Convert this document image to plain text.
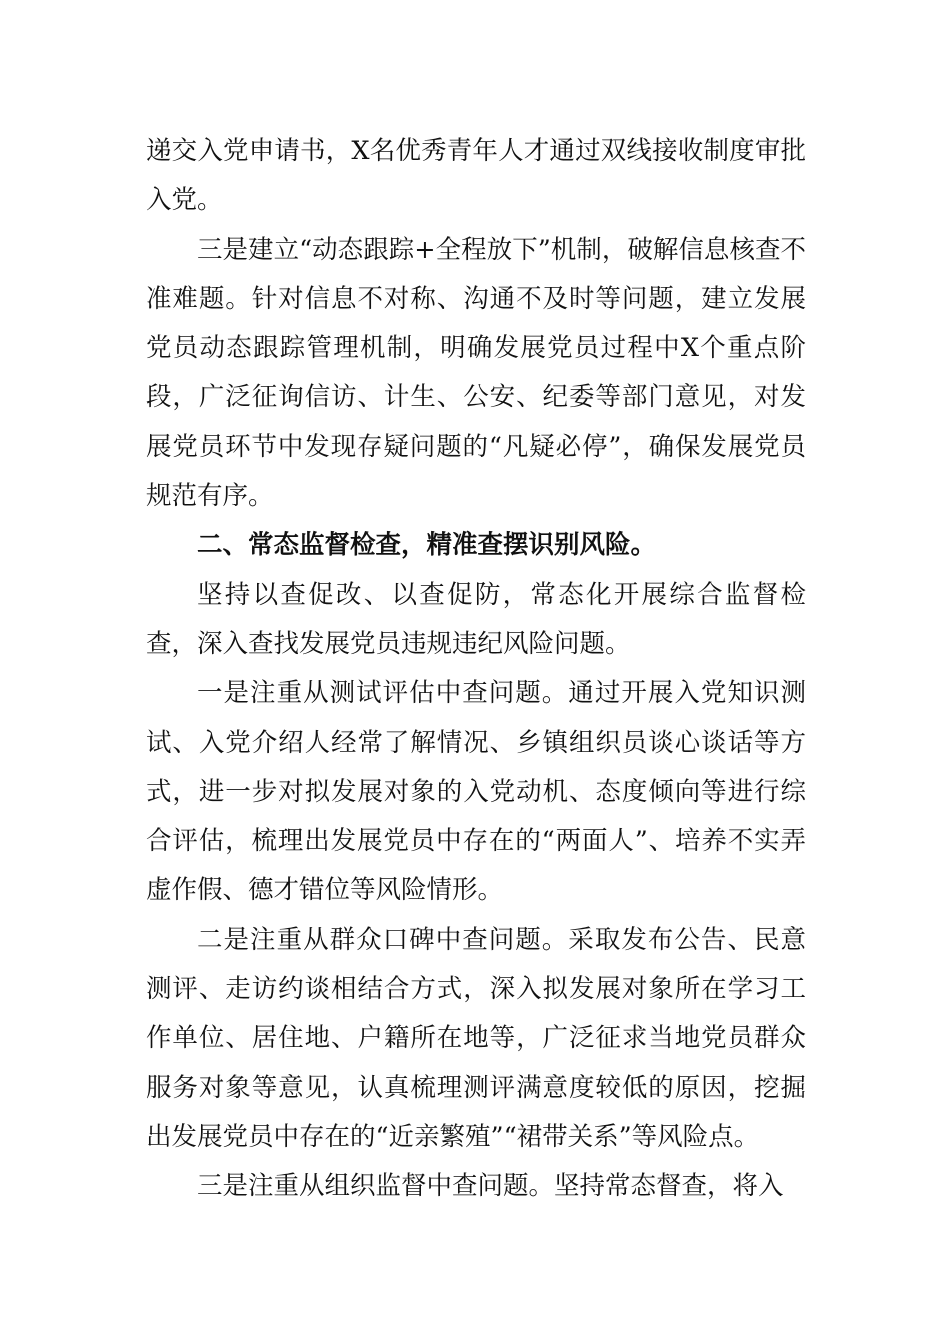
递交入党申请书，X名优秀青年人才通过双线接收制度审批入党。

三是建立“动态跟踪+全程放下”机制，破解信息核查不准难题。针对信息不对称、沟通不及时等问题，建立发展党员动态跟踪管理机制，明确发展党员过程中X个重点阶段，广泛征询信访、计生、公安、纪委等部门意见，对发展党员环节中发现存疑问题的“凡疑必停”，确保发展党员规范有序。

二、常态监督检查，精准查摆识别风险。

坚持以查促改、以查促防，常态化开展综合监督检查，深入查找发展党员违规违纪风险问题。

一是注重从测试评估中查问题。通过开展入党知识测试、入党介绍人经常了解情况、乡镇组织员谈心谈话等方式，进一步对拟发展对象的入党动机、态度倾向等进行综合评估，梳理出发展党员中存在的“两面人”、培养不实弄虚作假、德才错位等风险情形。

二是注重从群众口碑中查问题。采取发布公告、民意测评、走访约谈相结合方式，深入拟发展对象所在学习工作单位、居住地、户籍所在地等，广泛征求当地党员群众服务对象等意见，认真梳理测评满意度较低的原因，挖掘出发展党员中存在的“近亲繁殖”“裙带关系”等风险点。

三是注重从组织监督中查问题。坚持常态督查，将入
